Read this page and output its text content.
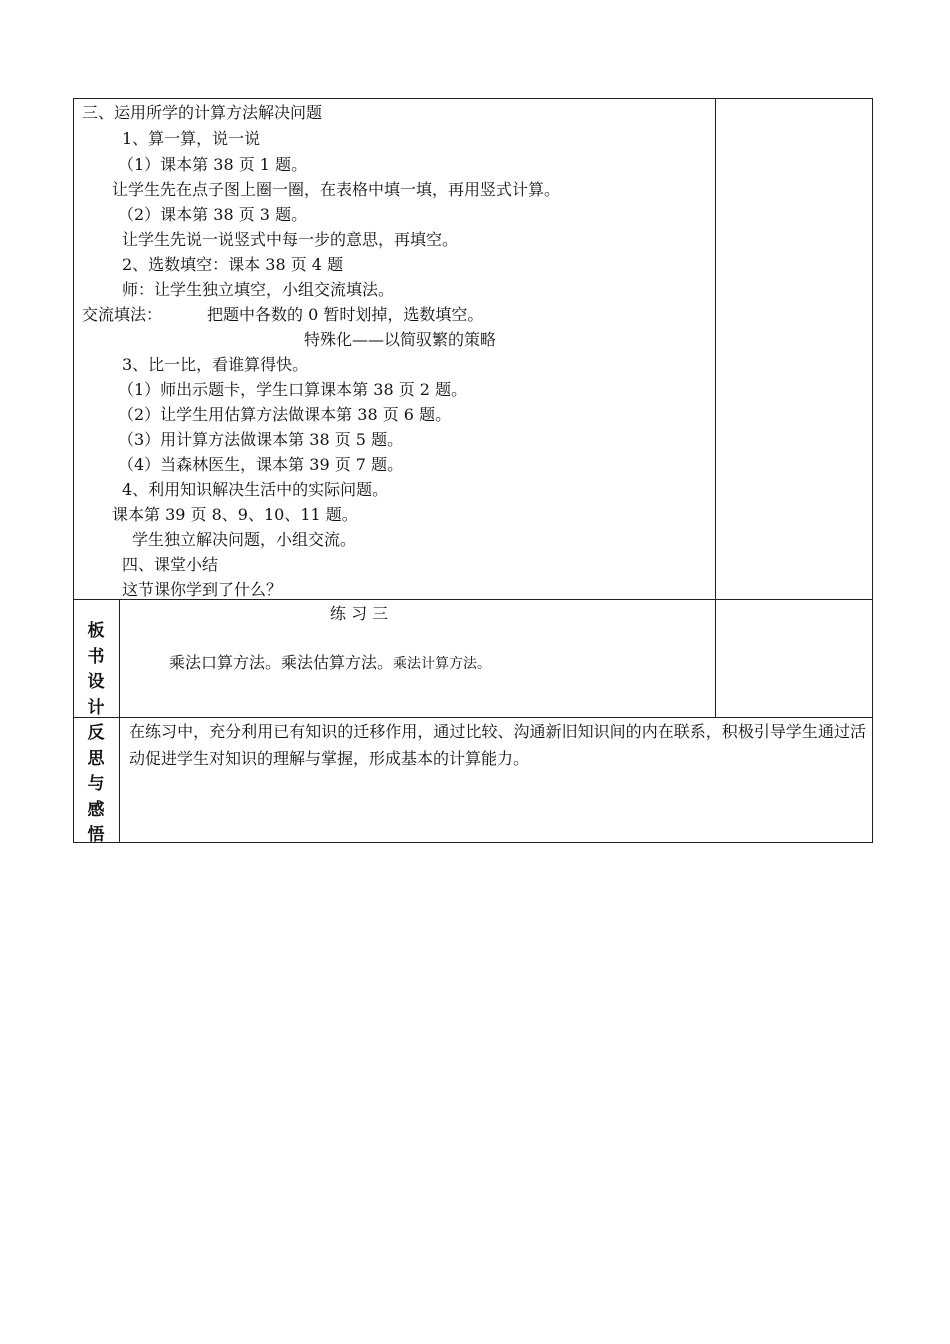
三、运用所学的计算方法解决问题
1、算一算，说一说
（1）课本第 38 页 1 题。
让学生先在点子图上圈一圈，在表格中填一填，再用竖式计算。
（2）课本第 38 页 3 题。
让学生先说一说竖式中每一步的意思，再填空。
2、选数填空：课本 38 页 4 题
师：让学生独立填空，小组交流填法。
交流填法：	把题中各数的 0 暂时划掉，选数填空。
特殊化——以简驭繁的策略
3、比一比，看谁算得快。
（1）师出示题卡，学生口算课本第 38 页 2 题。
（2）让学生用估算方法做课本第 38 页 6 题。
（3）用计算方法做课本第 38 页 5 题。
（4）当森林医生，课本第 39 页 7 题。
4、利用知识解决生活中的实际问题。
课本第 39 页 8、9、10、11 题。
学生独立解决问题，小组交流。
四、课堂小结
这节课你学到了什么？
板
书
设
计
练 习 三
乘法口算方法。乘法估算方法。乘法计算方法。
反
思
与
感
悟
在练习中，充分利用已有知识的迁移作用，通过比较、沟通新旧知识间的内在联系，积极引导学生通过活动促进学生对知识的理解与掌握，形成基本的计算能力。
